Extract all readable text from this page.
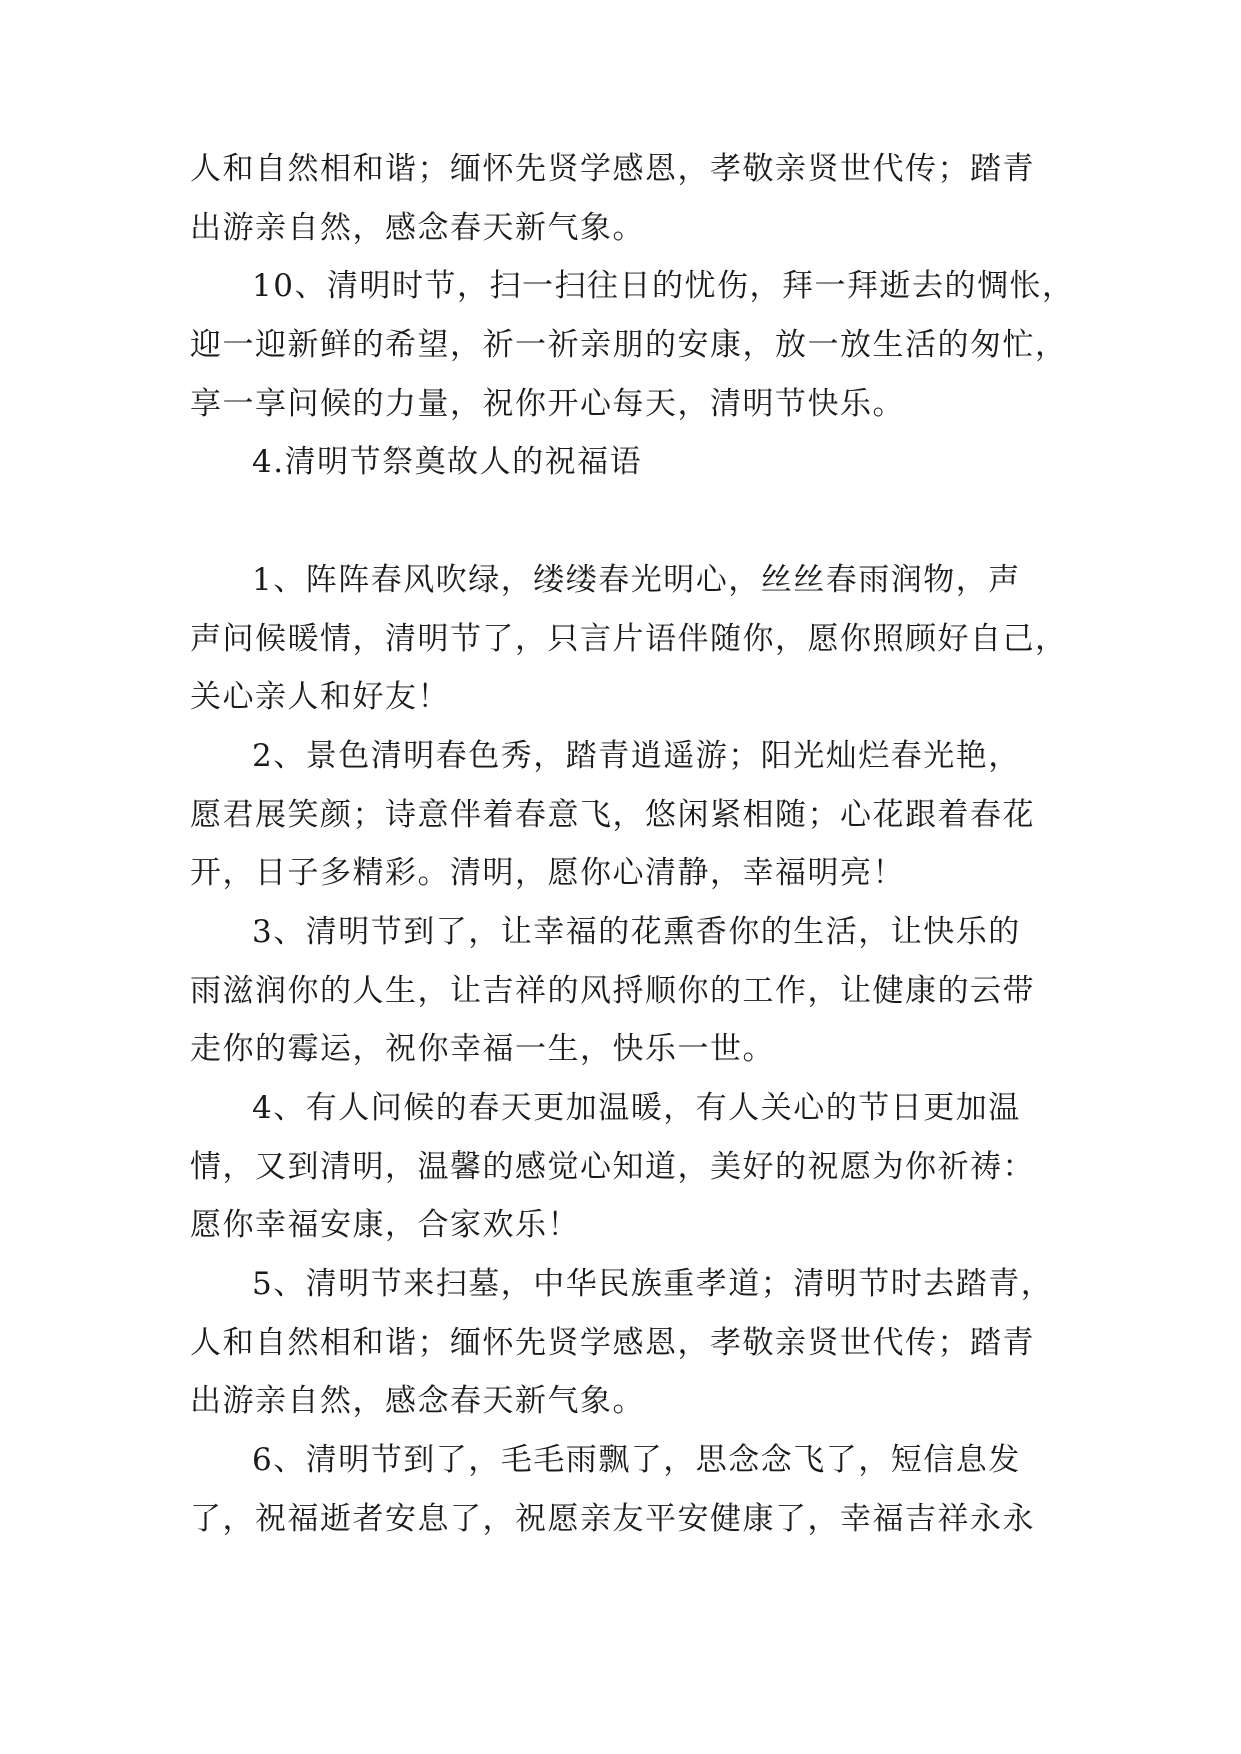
人和自然相和谐；缅怀先贤学感恩，孝敬亲贤世代传；踏青
出游亲自然，感念春天新气象。
10、清明时节，扫一扫往日的忧伤，拜一拜逝去的惆怅，
迎一迎新鲜的希望，祈一祈亲朋的安康，放一放生活的匆忙，
享一享问候的力量，祝你开心每天，清明节快乐。
4.清明节祭奠故人的祝福语
1、阵阵春风吹绿，缕缕春光明心，丝丝春雨润物，声
声问候暖情，清明节了，只言片语伴随你，愿你照顾好自己，
关心亲人和好友！
2、景色清明春色秀，踏青逍遥游；阳光灿烂春光艳，
愿君展笑颜；诗意伴着春意飞，悠闲紧相随；心花跟着春花
开，日子多精彩。清明，愿你心清静，幸福明亮！
3、清明节到了，让幸福的花熏香你的生活，让快乐的
雨滋润你的人生，让吉祥的风捋顺你的工作，让健康的云带
走你的霉运，祝你幸福一生，快乐一世。
4、有人问候的春天更加温暖，有人关心的节日更加温
情，又到清明，温馨的感觉心知道，美好的祝愿为你祈祷：
愿你幸福安康，合家欢乐！
5、清明节来扫墓，中华民族重孝道；清明节时去踏青，
人和自然相和谐；缅怀先贤学感恩，孝敬亲贤世代传；踏青
出游亲自然，感念春天新气象。
6、清明节到了，毛毛雨飘了，思念念飞了，短信息发
了，祝福逝者安息了，祝愿亲友平安健康了，幸福吉祥永永
